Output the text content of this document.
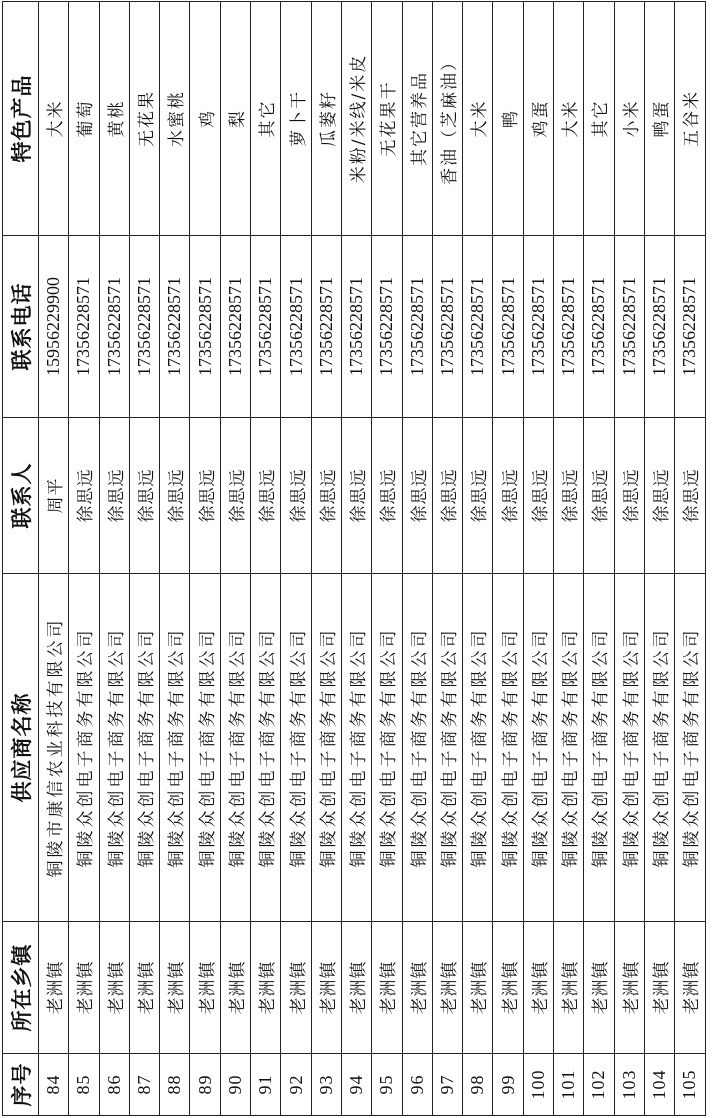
序号	所在乡镇	供应商名称	联系人	联系电话	特色产品
84	老洲镇	铜陵市康信农业科技有限公司	周平	15956229900	大米
85	老洲镇	铜陵众创电子商务有限公司	徐思远	17356228571	葡萄
86	老洲镇	铜陵众创电子商务有限公司	徐思远	17356228571	黄桃
87	老洲镇	铜陵众创电子商务有限公司	徐思远	17356228571	无花果
88	老洲镇	铜陵众创电子商务有限公司	徐思远	17356228571	水蜜桃
89	老洲镇	铜陵众创电子商务有限公司	徐思远	17356228571	鸡
90	老洲镇	铜陵众创电子商务有限公司	徐思远	17356228571	梨
91	老洲镇	铜陵众创电子商务有限公司	徐思远	17356228571	其它
92	老洲镇	铜陵众创电子商务有限公司	徐思远	17356228571	萝卜干
93	老洲镇	铜陵众创电子商务有限公司	徐思远	17356228571	瓜蒌籽
94	老洲镇	铜陵众创电子商务有限公司	徐思远	17356228571	米粉/米线/米皮
95	老洲镇	铜陵众创电子商务有限公司	徐思远	17356228571	无花果干
96	老洲镇	铜陵众创电子商务有限公司	徐思远	17356228571	其它营养品
97	老洲镇	铜陵众创电子商务有限公司	徐思远	17356228571	香油（芝麻油）
98	老洲镇	铜陵众创电子商务有限公司	徐思远	17356228571	大米
99	老洲镇	铜陵众创电子商务有限公司	徐思远	17356228571	鸭
100	老洲镇	铜陵众创电子商务有限公司	徐思远	17356228571	鸡蛋
101	老洲镇	铜陵众创电子商务有限公司	徐思远	17356228571	大米
102	老洲镇	铜陵众创电子商务有限公司	徐思远	17356228571	其它
103	老洲镇	铜陵众创电子商务有限公司	徐思远	17356228571	小米
104	老洲镇	铜陵众创电子商务有限公司	徐思远	17356228571	鸭蛋
105	老洲镇	铜陵众创电子商务有限公司	徐思远	17356228571	五谷米
